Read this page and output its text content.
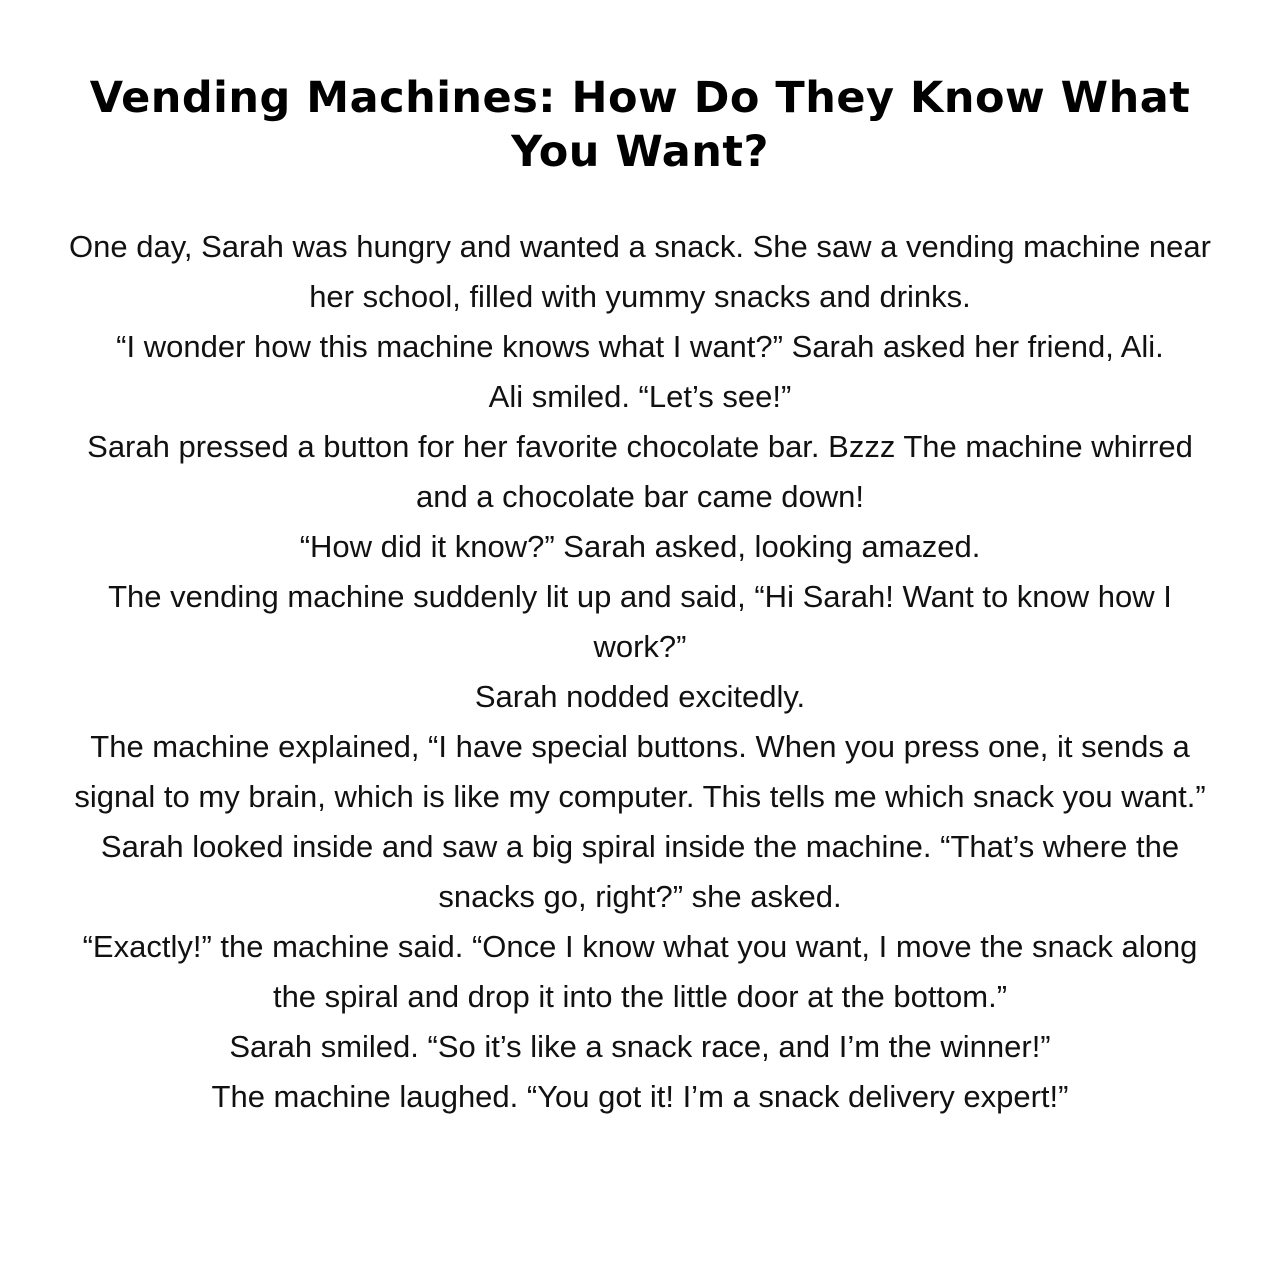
Vending Machines: How Do They Know What You Want?

One day, Sarah was hungry and wanted a snack. She saw a vending machine near her school, filled with yummy snacks and drinks.

“I wonder how this machine knows what I want?” Sarah asked her friend, Ali.

Ali smiled. “Let’s see!”

Sarah pressed a button for her favorite chocolate bar. Bzzz The machine whirred and a chocolate bar came down!

“How did it know?” Sarah asked, looking amazed.

The vending machine suddenly lit up and said, “Hi Sarah! Want to know how I work?”

Sarah nodded excitedly.

The machine explained, “I have special buttons. When you press one, it sends a signal to my brain, which is like my computer. This tells me which snack you want.”

Sarah looked inside and saw a big spiral inside the machine. “That’s where the snacks go, right?” she asked.

“Exactly!” the machine said. “Once I know what you want, I move the snack along the spiral and drop it into the little door at the bottom.”

Sarah smiled. “So it’s like a snack race, and I’m the winner!”

The machine laughed. “You got it! I’m a snack delivery expert!”
